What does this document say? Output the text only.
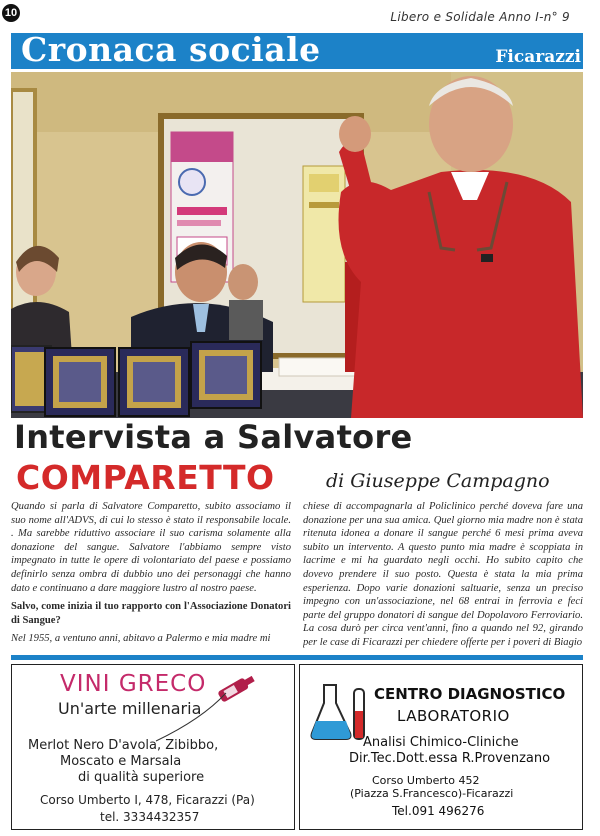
10	Libero e Solidale Anno I-n° 9
Cronaca sociale	Ficarazzi
Intervista a Salvatore
COMPARETTO	di Giuseppe Campagno

Quando si parla di Salvatore Comparetto, subito associamo il suo nome all'ADVS, di cui lo stesso è stato il responsabile locale. . Ma sarebbe riduttivo associare il suo carisma solamente alla donazione del sangue. Salvatore l'abbiamo sempre visto impegnato in tutte le opere di volontariato del paese e possiamo definirlo senza ombra di dubbio uno dei personaggi che hanno dato e continuano a dare maggiore lustro al nostro paese.

Salvo, come inizia il tuo rapporto con l'Associazione Donatori di Sangue?

Nel 1955, a ventuno anni, abitavo a Palermo e mia madre mi

chiese di accompagnarla al Policlinico perché doveva fare una donazione per una sua amica. Quel giorno mia madre non è stata ritenuta idonea a donare il sangue perché 6 mesi prima aveva subito un intervento. A questo punto mia madre è scoppiata in lacrime e mi ha guardato negli occhi. Ho subito capito che dovevo prendere il suo posto. Questa è stata la mia prima esperienza. Dopo varie donazioni saltuarie, senza un preciso impegno con un'associazione, nel 68 entrai in ferrovia e feci parte del gruppo donatori di sangue del Dopolavoro Ferroviario. La cosa durò per circa vent'anni, fino a quando nel 92, girando per le case di Ficarazzi per chiedere offerte per i poveri di Biagio

VINI GRECO
Un'arte millenaria
Merlot Nero D'avola, Zibibbo,
Moscato e Marsala
di qualità superiore
Corso Umberto I, 478, Ficarazzi (Pa)
tel. 3334432357
CENTRO DIAGNOSTICO
LABORATORIO
Analisi Chimico-Cliniche
Dir.Tec.Dott.essa R.Provenzano
Corso Umberto 452
(Piazza S.Francesco)-Ficarazzi
Tel.091 496276
